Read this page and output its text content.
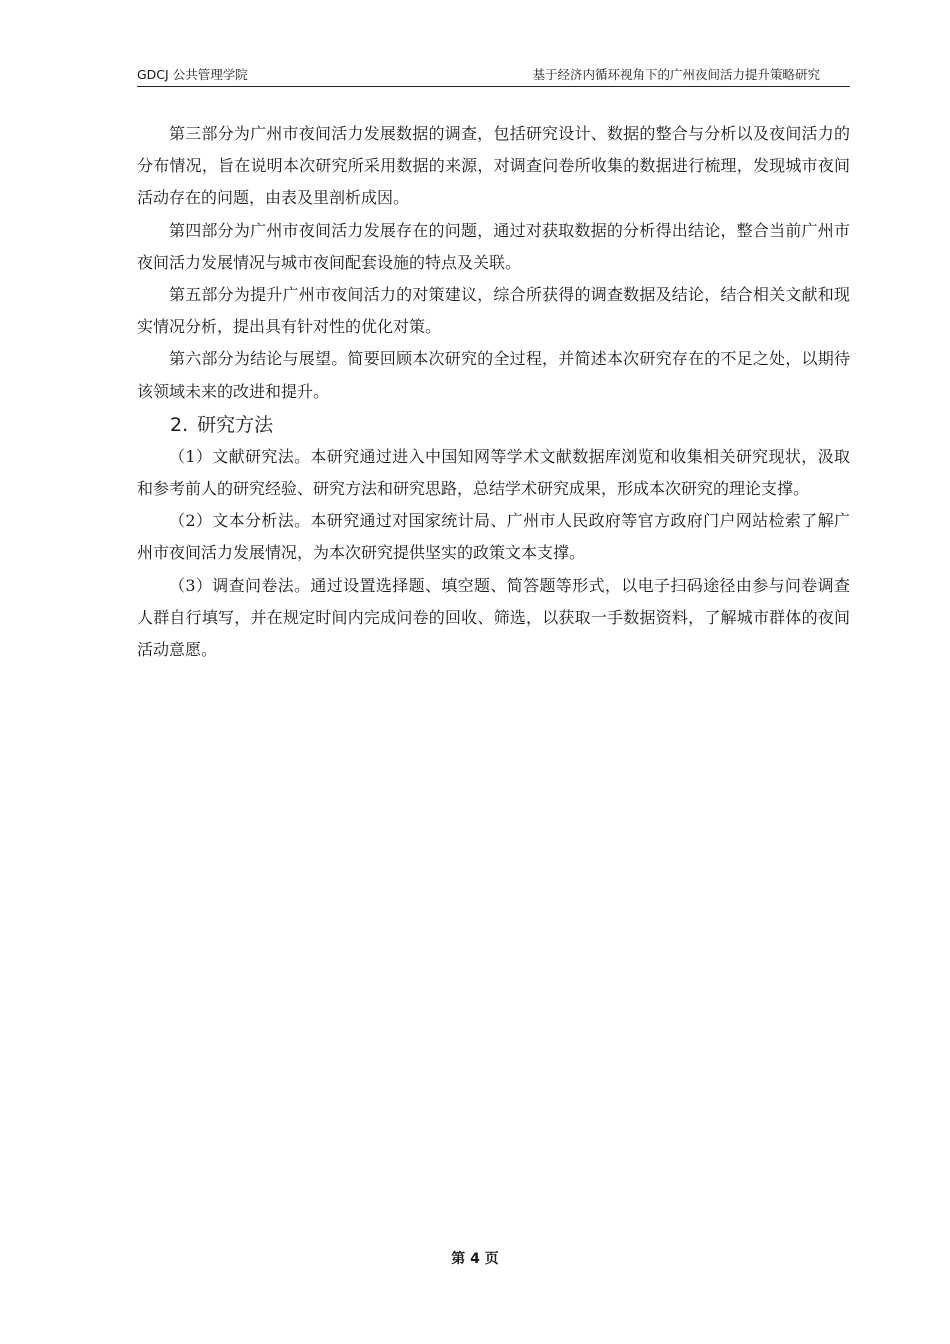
GDCJ 公共管理学院	基于经济内循环视角下的广州夜间活力提升策略研究

第三部分为广州市夜间活力发展数据的调查，包括研究设计、数据的整合与分析以及夜间活力的分布情况，旨在说明本次研究所采用数据的来源，对调查问卷所收集的数据进行梳理，发现城市夜间活动存在的问题，由表及里剖析成因。

第四部分为广州市夜间活力发展存在的问题，通过对获取数据的分析得出结论，整合当前广州市夜间活力发展情况与城市夜间配套设施的特点及关联。

第五部分为提升广州市夜间活力的对策建议，综合所获得的调查数据及结论，结合相关文献和现实情况分析，提出具有针对性的优化对策。

第六部分为结论与展望。简要回顾本次研究的全过程，并简述本次研究存在的不足之处，以期待该领域未来的改进和提升。

2. 研究方法

（1）文献研究法。本研究通过进入中国知网等学术文献数据库浏览和收集相关研究现状，汲取和参考前人的研究经验、研究方法和研究思路，总结学术研究成果，形成本次研究的理论支撑。

（2）文本分析法。本研究通过对国家统计局、广州市人民政府等官方政府门户网站检索了解广州市夜间活力发展情况，为本次研究提供坚实的政策文本支撑。

（3）调查问卷法。通过设置选择题、填空题、简答题等形式，以电子扫码途径由参与问卷调查人群自行填写，并在规定时间内完成问卷的回收、筛选，以获取一手数据资料，了解城市群体的夜间活动意愿。

第 4 页
